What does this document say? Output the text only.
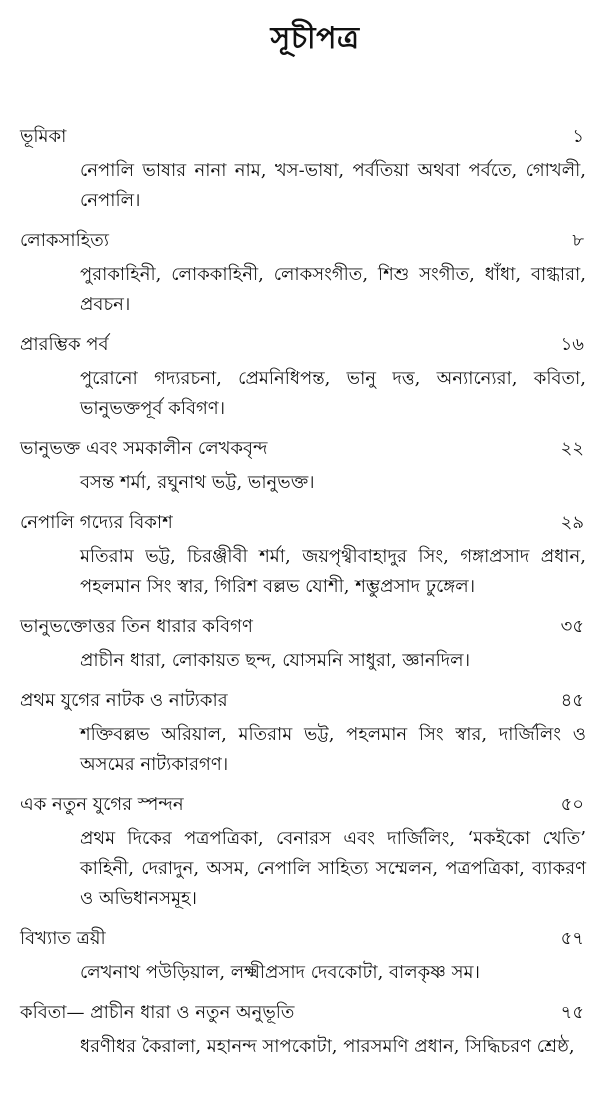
সূচীপত্র
ভূমিকা	১
নেপালি ভাষার নানা নাম, খস-ভাষা, পর্বতিয়া অথবা পর্বতে, গোখলী, নেপালি।
লোকসাহিত্য	৮
পুরাকাহিনী, লোককাহিনী, লোকসংগীত, শিশু সংগীত, ধাঁধা, বাগ্ধারা, প্রবচন।
প্রারম্ভিক পর্ব	১৬
পুরোনো গদ্যরচনা, প্রেমনিধিপন্ত, ভানু দত্ত, অন্যান্যেরা, কবিতা, ভানুভক্তপূর্ব কবিগণ।
ভানুভক্ত এবং সমকালীন লেখকবৃন্দ	২২
বসন্ত শর্মা, রঘুনাথ ভট্ট, ভানুভক্ত।
নেপালি গদ্যের বিকাশ	২৯
মতিরাম ভট্ট, চিরঞ্জীবী শর্মা, জয়পৃথ্বীবাহাদুর সিং, গঙ্গাপ্রসাদ প্রধান, পহলমান সিং স্বার, গিরিশ বল্লভ যোশী, শম্ভুপ্রসাদ ঢুঙ্গেল।
ভানুভক্তোত্তর তিন ধারার কবিগণ	৩৫
প্রাচীন ধারা, লোকায়ত ছন্দ, যোসমনি সাধুরা, জ্ঞানদিল।
প্রথম যুগের নাটক ও নাট্যকার	৪৫
শক্তিবল্লভ অরিয়াল, মতিরাম ভট্ট, পহলমান সিং স্বার, দার্জিলিং ও অসমের নাট্যকারগণ।
এক নতুন যুগের স্পন্দন	৫০
প্রথম দিকের পত্রপত্রিকা, বেনারস এবং দার্জিলিং, ‘মকইকো খেতি’ কাহিনী, দেরাদুন, অসম, নেপালি সাহিত্য সম্মেলন, পত্রপত্রিকা, ব্যাকরণ ও অভিধানসমূহ।
বিখ্যাত ত্রয়ী	৫৭
লেখনাথ পউড়িয়াল, লক্ষ্মীপ্রসাদ দেবকোটা, বালকৃষ্ণ সম।
কবিতা— প্রাচীন ধারা ও নতুন অনুভূতি	৭৫
ধরণীধর কৈরালা, মহানন্দ সাপকোটা, পারসমণি প্রধান, সিদ্ধিচরণ শ্রেষ্ঠ,
